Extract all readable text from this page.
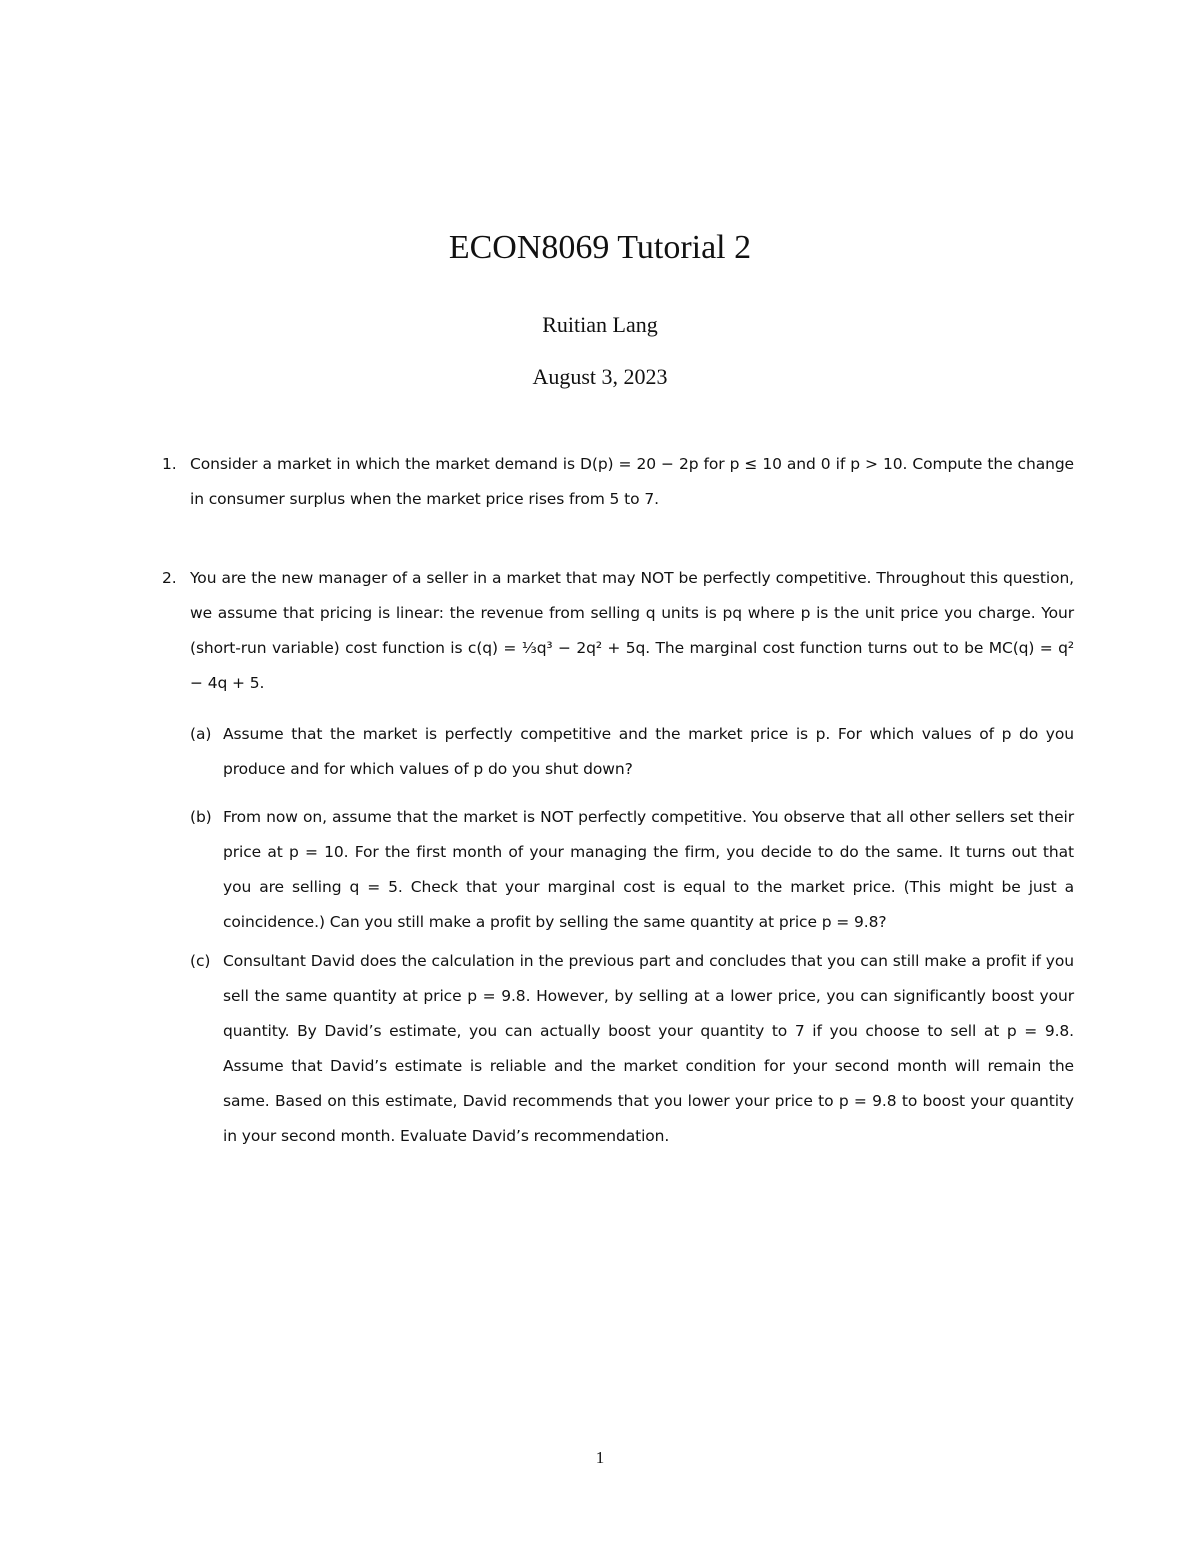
ECON8069 Tutorial 2
Ruitian Lang
August 3, 2023
1. Consider a market in which the market demand is D(p) = 20 − 2p for p ≤ 10 and 0 if p > 10. Compute the change in consumer surplus when the market price rises from 5 to 7.
2. You are the new manager of a seller in a market that may NOT be perfectly competitive. Throughout this question, we assume that pricing is linear: the revenue from selling q units is pq where p is the unit price you charge. Your (short-run variable) cost function is c(q) = ⅓q³ − 2q² + 5q. The marginal cost function turns out to be MC(q) = q² − 4q + 5.
(a) Assume that the market is perfectly competitive and the market price is p. For which values of p do you produce and for which values of p do you shut down?
(b) From now on, assume that the market is NOT perfectly competitive. You observe that all other sellers set their price at p = 10. For the first month of your managing the firm, you decide to do the same. It turns out that you are selling q = 5. Check that your marginal cost is equal to the market price. (This might be just a coincidence.) Can you still make a profit by selling the same quantity at price p = 9.8?
(c) Consultant David does the calculation in the previous part and concludes that you can still make a profit if you sell the same quantity at price p = 9.8. However, by selling at a lower price, you can significantly boost your quantity. By David’s estimate, you can actually boost your quantity to 7 if you choose to sell at p = 9.8. Assume that David’s estimate is reliable and the market condition for your second month will remain the same. Based on this estimate, David recommends that you lower your price to p = 9.8 to boost your quantity in your second month. Evaluate David’s recommendation.
1
